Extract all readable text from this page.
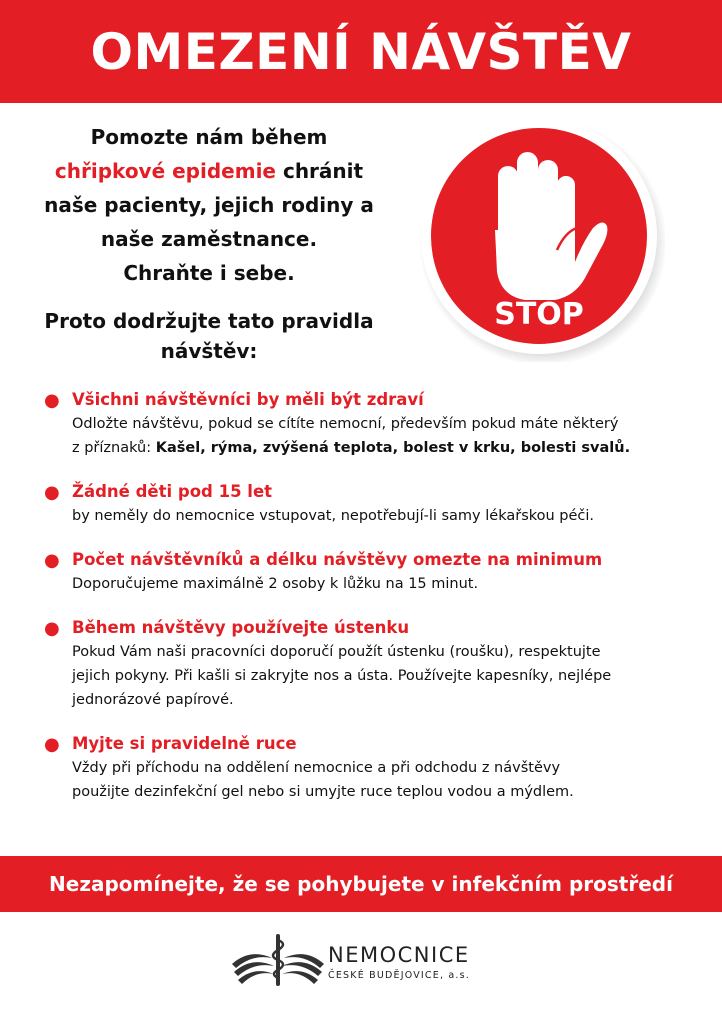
OMEZENÍ NÁVŠTĚV
Pomozte nám během
chřipkové epidemie chránit
naše pacienty, jejich rodiny a
naše zaměstnance.
Chraňte i sebe.
Proto dodržujte tato pravidla
návštěv:
STOP
● Všichni návštěvníci by měli být zdraví
Odložte návštěvu, pokud se cítíte nemocní, především pokud máte některý
z příznaků: Kašel, rýma, zvýšená teplota, bolest v krku, bolesti svalů.
● Žádné děti pod 15 let
by neměly do nemocnice vstupovat, nepotřebují-li samy lékařskou péči.
● Počet návštěvníků a délku návštěvy omezte na minimum
Doporučujeme maximálně 2 osoby k lůžku na 15 minut.
● Během návštěvy používejte ústenku
Pokud Vám naši pracovníci doporučí použít ústenku (roušku), respektujte
jejich pokyny. Při kašli si zakryjte nos a ústa. Používejte kapesníky, nejlépe
jednorázové papírové.
● Myjte si pravidelně ruce
Vždy při příchodu na oddělení nemocnice a při odchodu z návštěvy
použijte dezinfekční gel nebo si umyjte ruce teplou vodou a mýdlem.
Nezapomínejte, že se pohybujete v infekčním prostředí
NEMOCNICE
ČESKÉ BUDĚJOVICE, a.s.
